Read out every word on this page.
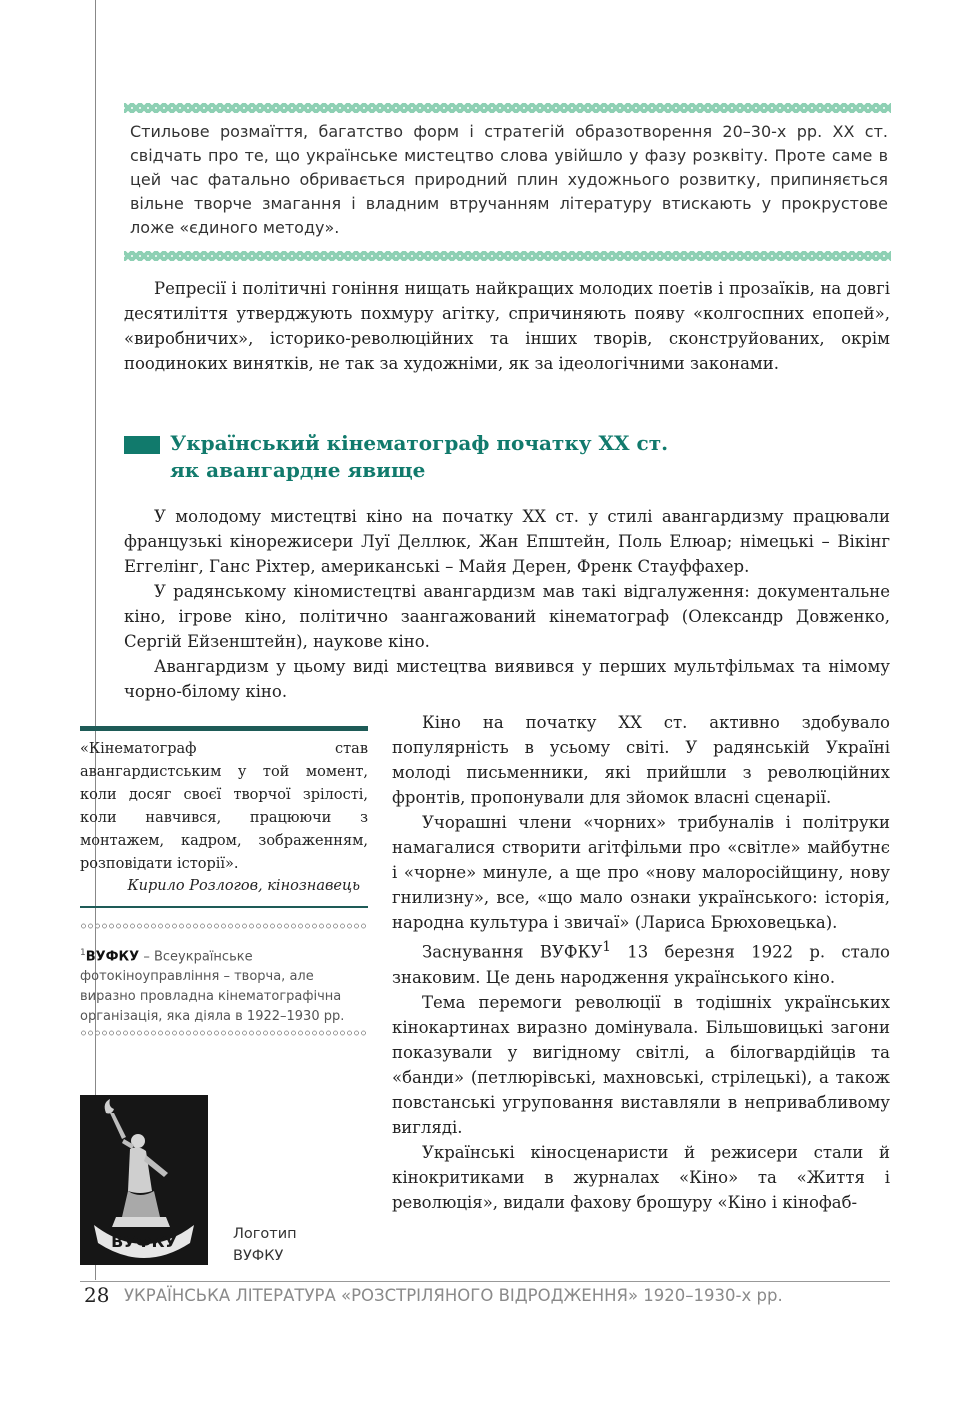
Стильове розмаїття, багатство форм і стратегій образотворення 20–30-х рр. ХХ ст. свідчать про те, що українське мистецтво слова увійшло у фазу розквіту. Проте саме в цей час фатально обривається природний плин художнього розвитку, припиняється вільне творче змагання і владним втручанням літературу втискають у прокрустове ложе «єдиного методу».

Репресії і політичні гоніння нищать найкращих молодих поетів і прозаїків, на довгі десятиліття утверджують похмуру агітку, спричиняють появу «колгоспних епопей», «виробничих», історико-революційних та інших творів, сконструйованих, окрім поодиноких винятків, не так за художніми, як за ідеологічними законами.

Український кінематограф початку ХХ ст.
як авангардне явище

У молодому мистецтві кіно на початку ХХ ст. у стилі авангардизму працювали французькі кінорежисери Луї Деллюк, Жан Епштейн, Поль Елюар; німецькі – Вікінг Еггелінг, Ганс Ріхтер, американські – Майя Дерен, Френк Стауффахер.

У радянському кіномистецтві авангардизм мав такі відгалуження: документальне кіно, ігрове кіно, політично заангажований кінематограф (Олександр Довженко, Сергій Ейзенштейн), наукове кіно.

Авангардизм у цьому виді мистецтва виявився у перших мультфільмах та німому чорно-білому кіно.

Кіно на початку ХХ ст. активно здобувало популярність в усьому світі. У радянській Україні молоді письменники, які прийшли з революційних фронтів, пропонували для зйомок власні сценарії.

Учорашні члени «чорних» трибуналів і політруки намагалися створити агітфільми про «світле» майбутнє і «чорне» минуле, а ще про «нову малоросійщину, нову гнилизну», все, «що мало ознаки українського: історія, народна культура і звичаї» (Лариса Брюховецька).

Заснування ВУФКУ$^1$ 13 березня 1922 р. стало знаковим. Це день народження українського кіно.

Тема перемоги революції в тодішніх українських кінокартинах виразно домінувала. Більшовицькі загони показували у вигідному світлі, а білогвардійців та «банди» (петлюрівські, махновські, стрілецькі), а також повстанські угруповання виставляли в непривабливому вигляді.

Українські кіносценаристи й режисери стали й кінокритиками в журналах «Кіно» та «Життя і революція», видали фахову брошуру «Кіно і кінофаб-

«Кінематограф став авангардистським у той момент, коли досяг своєї творчої зрілості, коли навчився, працюючи з монтажем, кадром, зображенням, розповідати історії».

Кирило Розлогов, кінознавець

$^1$ВУФКУ – Всеукраїнське фотокіноуправління – творча, але виразно провладна кінематографічна організація, яка діяла в 1922–1930 рр.

ВУФКУ	Логотип
ВУФКУ

28 УКРАЇНСЬКА ЛІТЕРАТУРА «РОЗСТРІЛЯНОГО ВІДРОДЖЕННЯ» 1920–1930-х рр.
